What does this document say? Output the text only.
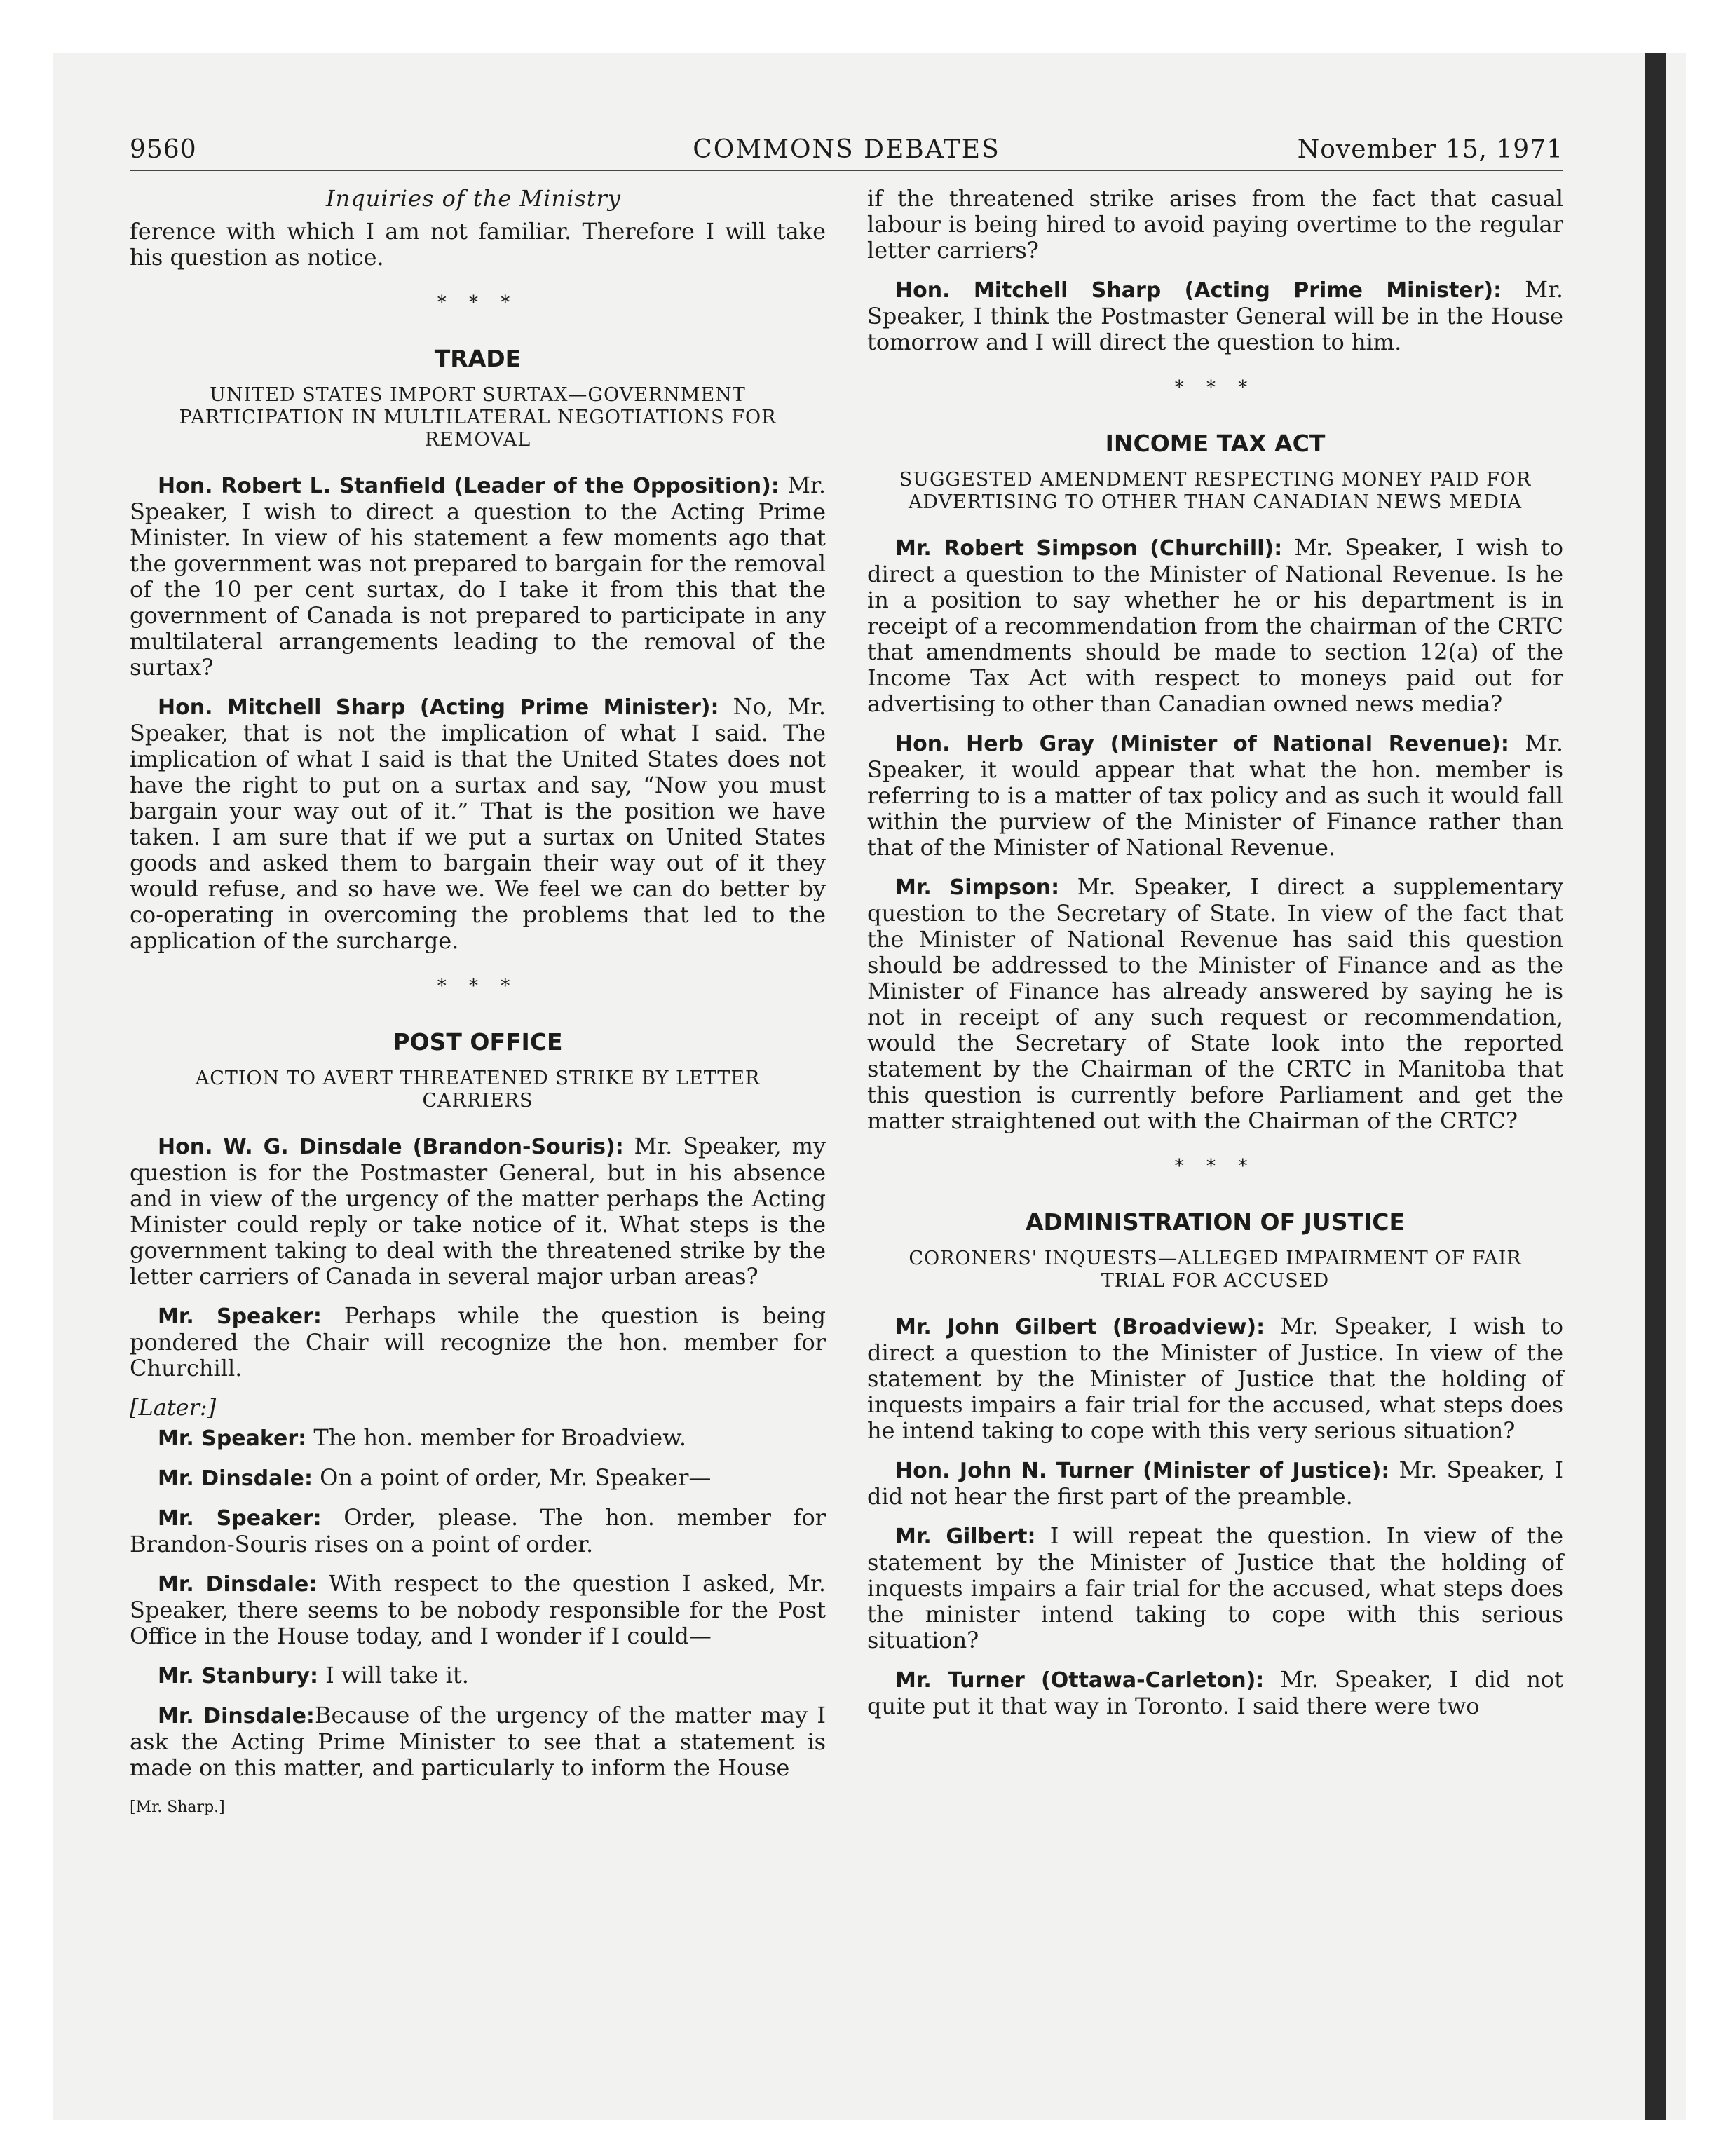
9560	COMMONS DEBATES	November 15, 1971
Inquiries of the Ministry

ference with which I am not familiar. Therefore I will take his question as notice.

* * *
TRADE
UNITED STATES IMPORT SURTAX—GOVERNMENT PARTICIPATION IN MULTILATERAL NEGOTIATIONS FOR REMOVAL

Hon. Robert L. Stanfield (Leader of the Opposition): Mr. Speaker, I wish to direct a question to the Acting Prime Minister. In view of his statement a few moments ago that the government was not prepared to bargain for the removal of the 10 per cent surtax, do I take it from this that the government of Canada is not prepared to participate in any multilateral arrangements leading to the removal of the surtax?

Hon. Mitchell Sharp (Acting Prime Minister): No, Mr. Speaker, that is not the implication of what I said. The implication of what I said is that the United States does not have the right to put on a surtax and say, “Now you must bargain your way out of it.” That is the position we have taken. I am sure that if we put a surtax on United States goods and asked them to bargain their way out of it they would refuse, and so have we. We feel we can do better by co-operating in overcoming the problems that led to the application of the surcharge.

* * *
POST OFFICE
ACTION TO AVERT THREATENED STRIKE BY LETTER CARRIERS

Hon. W. G. Dinsdale (Brandon-Souris): Mr. Speaker, my question is for the Postmaster General, but in his absence and in view of the urgency of the matter perhaps the Acting Minister could reply or take notice of it. What steps is the government taking to deal with the threatened strike by the letter carriers of Canada in several major urban areas?

Mr. Speaker: Perhaps while the question is being pondered the Chair will recognize the hon. member for Churchill.

[Later:]

Mr. Speaker: The hon. member for Broadview.

Mr. Dinsdale: On a point of order, Mr. Speaker—

Mr. Speaker: Order, please. The hon. member for Brandon-Souris rises on a point of order.

Mr. Dinsdale: With respect to the question I asked, Mr. Speaker, there seems to be nobody responsible for the Post Office in the House today, and I wonder if I could—

Mr. Stanbury: I will take it.

Mr. Dinsdale:Because of the urgency of the matter may I ask the Acting Prime Minister to see that a statement is made on this matter, and particularly to inform the House

[Mr. Sharp.]

if the threatened strike arises from the fact that casual labour is being hired to avoid paying overtime to the regular letter carriers?

Hon. Mitchell Sharp (Acting Prime Minister): Mr. Speaker, I think the Postmaster General will be in the House tomorrow and I will direct the question to him.

* * *
INCOME TAX ACT
SUGGESTED AMENDMENT RESPECTING MONEY PAID FOR ADVERTISING TO OTHER THAN CANADIAN NEWS MEDIA

Mr. Robert Simpson (Churchill): Mr. Speaker, I wish to direct a question to the Minister of National Revenue. Is he in a position to say whether he or his department is in receipt of a recommendation from the chairman of the CRTC that amendments should be made to section 12(a) of the Income Tax Act with respect to moneys paid out for advertising to other than Canadian owned news media?

Hon. Herb Gray (Minister of National Revenue): Mr. Speaker, it would appear that what the hon. member is referring to is a matter of tax policy and as such it would fall within the purview of the Minister of Finance rather than that of the Minister of National Revenue.

Mr. Simpson: Mr. Speaker, I direct a supplementary question to the Secretary of State. In view of the fact that the Minister of National Revenue has said this question should be addressed to the Minister of Finance and as the Minister of Finance has already answered by saying he is not in receipt of any such request or recommendation, would the Secretary of State look into the reported statement by the Chairman of the CRTC in Manitoba that this question is currently before Parliament and get the matter straightened out with the Chairman of the CRTC?

* * *
ADMINISTRATION OF JUSTICE
CORONERS' INQUESTS—ALLEGED IMPAIRMENT OF FAIR TRIAL FOR ACCUSED

Mr. John Gilbert (Broadview): Mr. Speaker, I wish to direct a question to the Minister of Justice. In view of the statement by the Minister of Justice that the holding of inquests impairs a fair trial for the accused, what steps does he intend taking to cope with this very serious situation?

Hon. John N. Turner (Minister of Justice): Mr. Speaker, I did not hear the first part of the preamble.

Mr. Gilbert: I will repeat the question. In view of the statement by the Minister of Justice that the holding of inquests impairs a fair trial for the accused, what steps does the minister intend taking to cope with this serious situation?

Mr. Turner (Ottawa-Carleton): Mr. Speaker, I did not quite put it that way in Toronto. I said there were two
